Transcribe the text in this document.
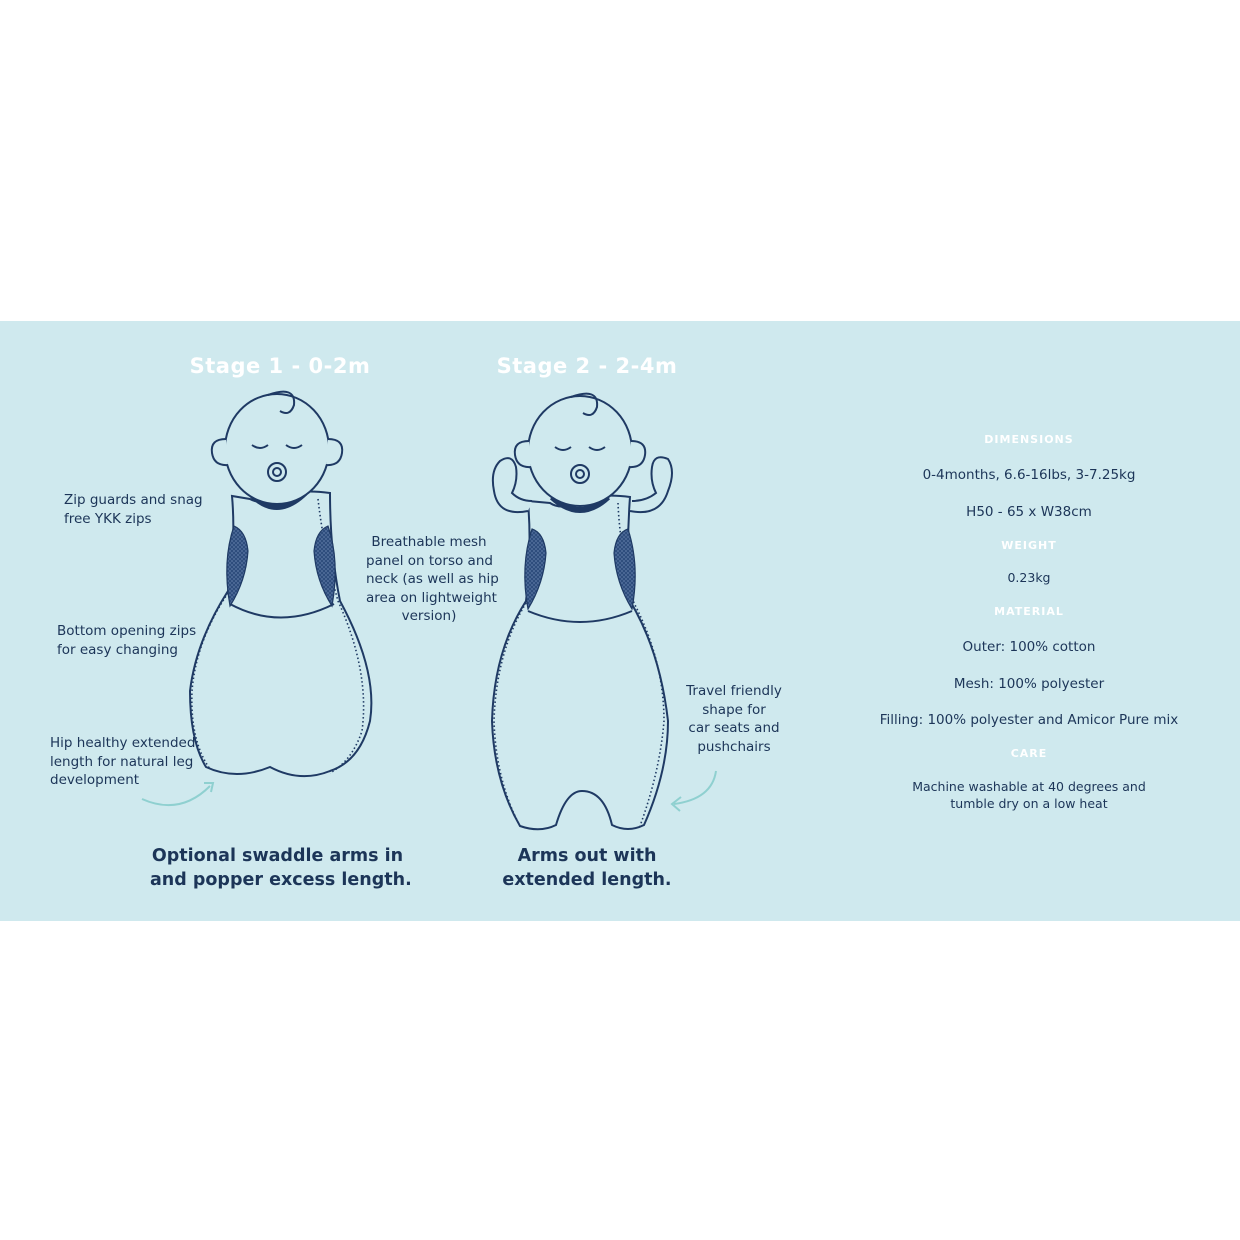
Stage 1 - 0-2m	Stage 2 - 2-4m
Zip guards and snag
free YKK zips
Bottom opening zips
for easy changing
Hip healthy extended
length for natural leg
development
Breathable mesh
panel on torso and
neck (as well as hip
area on lightweight
version)
Travel friendly
shape for
car seats and
pushchairs
Optional swaddle arms in
and popper excess length.
Arms out with
extended length.
DIMENSIONS
0-4months, 6.6-16lbs, 3-7.25kg
H50 - 65 x W38cm
WEIGHT
0.23kg
MATERIAL
Outer: 100% cotton
Mesh: 100% polyester
Filling: 100% polyester and Amicor Pure mix
CARE
Machine washable at 40 degrees and
tumble dry on a low heat
